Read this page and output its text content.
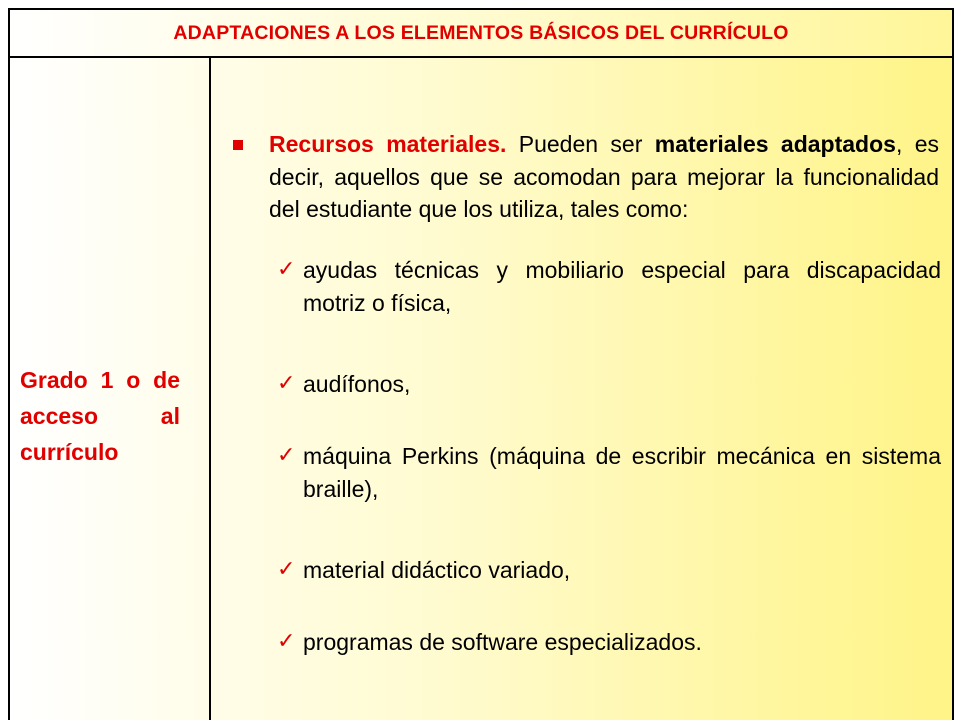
ADAPTACIONES A LOS ELEMENTOS BÁSICOS DEL CURRÍCULO
Grado 1 o de acceso al currículo
Recursos materiales. Pueden ser materiales adaptados, es decir, aquellos que se acomodan para mejorar la funcionalidad del estudiante que los utiliza, tales como:
✓ ayudas técnicas y mobiliario especial para discapacidad motriz o física,
✓ audífonos,
✓ máquina Perkins (máquina de escribir mecánica en sistema braille),
✓ material didáctico variado,
✓ programas de software especializados.
